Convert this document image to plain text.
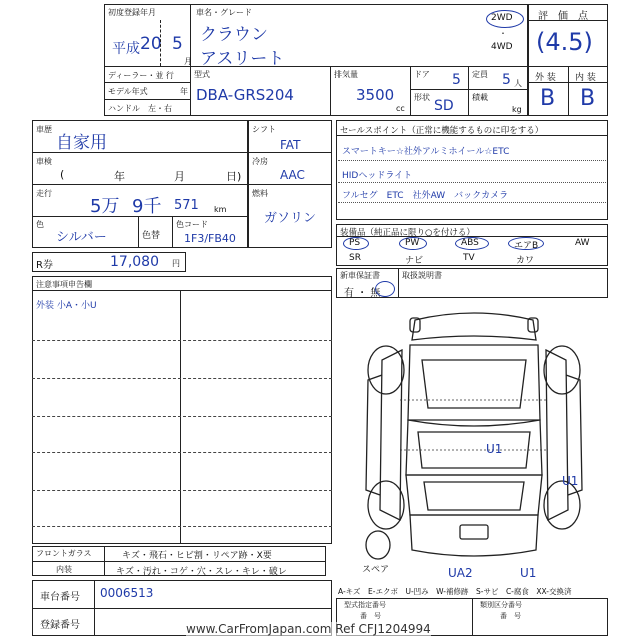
初度登録年月
平成 20 5
月
車名・グレード
クラウン
アスリート
2WD
・
4WD
評　価　点
(4.5)
外 装 内 装
B B
ディーラー・並 行
モデル年式	年
ハンドル　左・右
型式
DBA-GRS204
排気量
3500
cc
ドア 5 定員 5 人
形状
SD
積載
kg
車歴
自家用
車検
(	年	月	日)
走行
5万 9千 571 km
色
シルバー	色替
色コード
1F3/FB40
シフト
FAT
冷房
AAC
燃料
ガソリン
R券	17,080 円
注意事項申告欄
外装 小A・小U
フロントガラス	キズ・飛石・ヒビ割・リペア跡・X要
内装	キズ・汚れ・コゲ・穴・スレ・キレ・破レ
車台番号 0006513
登録番号
セールスポイント（正常に機能するものに印をする）
スマートキー☆社外アルミホイール☆ETC
HIDヘッドライト
フルセグ　ETC　社外AW　バックカメラ
装備品（純正品に限り○を付ける）
PS	PW	ABS	エアB	AW
SR	ナビ	TV	カワ
新車保証書
有 ・ 無
取扱説明書
U1
U1
UA2	U1
スペア
A-キズ　E-エクボ　U-凹み　W-補修跡　S-サビ　C-腐食　XX-交換済
型式指定番号
番　号
類別区分番号
番　号
www.CarFromJapan.com Ref CFJ1204994
